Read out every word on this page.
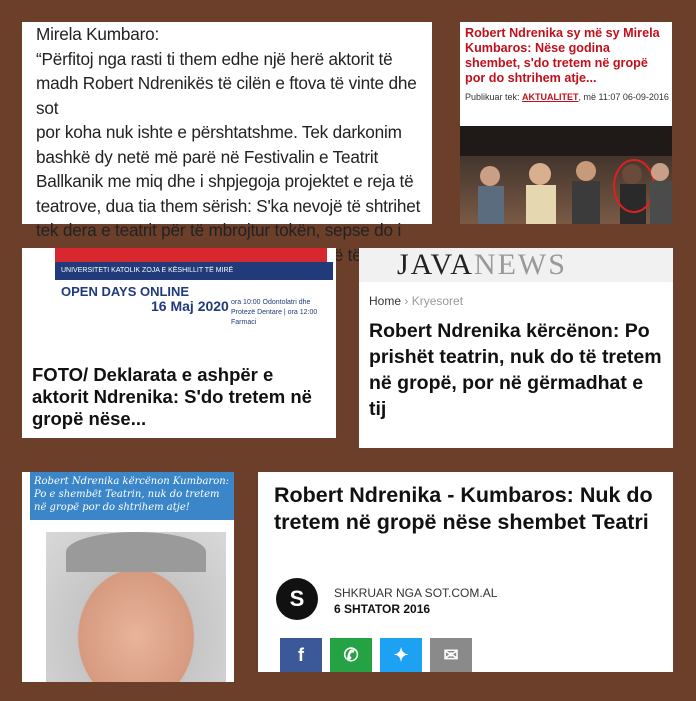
Mirela Kumbaro:

“Përfitoj nga rasti ti them edhe një herë aktorit të

madh Robert Ndrenikës të cilën e ftova të vinte dhe sot

por koha nuk ishte e përshtatshme. Tek darkonim

bashkë dy netë më parë në Festivalin e Teatrit

Ballkanik me miq dhe i shpjegoja projektet e reja të

teatrove, dua tia them sërish: S'ka nevojë të shtrihet

tek dera e teatrit për të mbrojtur tokën, sepse do i

të të

Robert Ndrenika sy më sy Mirela Kumbaros: Nëse godina shembet, s'do tretem në gropë por do shtrihem atje...
Publikuar tek: AKTUALITET, më 11:07 06-09-2016
UNIVERSITETI KATOLIK ZOJA E KËSHILLIT TË MIRË
OPEN DAYS ONLINE
16 Maj 2020 ora 10:00 Odontolatri dhe Protezë Dentare | ora 12:00 Farmaci
FOTO/ Deklarata e ashpër e aktorit Ndrenika: S'do tretem në gropë nëse...
JAVANEWS
Home › Kryesoret
Robert Ndrenika kërcënon: Po prishët teatrin, nuk do të tretem në gropë, por në gërmadhat e tij
Robert Ndrenika kërcënon Kumbaron: Po e shembët Teatrin, nuk do tretem në gropë por do shtrihem atje!
Robert Ndrenika - Kumbaros: Nuk do tretem në gropë nëse shembet Teatri
S	SHKRUAR NGA SOT.COM.AL
6 SHTATOR 2016
f	✆	✦	✉
